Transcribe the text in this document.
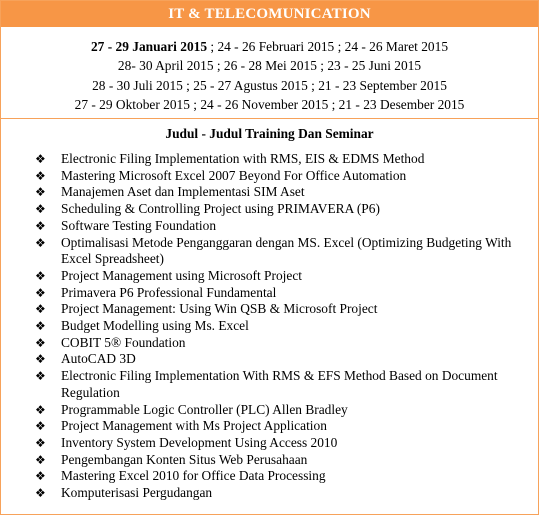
IT & TELECOMUNICATION
27 - 29 Januari 2015 ; 24 - 26 Februari 2015 ; 24 - 26 Maret 2015
28- 30 April 2015 ; 26 - 28 Mei 2015 ; 23 - 25 Juni 2015
28 - 30 Juli 2015 ; 25 - 27 Agustus 2015 ; 21 - 23 September 2015
27 - 29 Oktober 2015 ; 24 - 26 November 2015 ; 21 - 23 Desember 2015
Judul - Judul Training Dan Seminar
❖ Electronic Filing Implementation with RMS, EIS & EDMS Method
❖ Mastering Microsoft Excel 2007 Beyond For Office Automation
❖ Manajemen Aset dan Implementasi SIM Aset
❖ Scheduling & Controlling Project using PRIMAVERA (P6)
❖ Software Testing Foundation
❖ Optimalisasi Metode Penganggaran dengan MS. Excel (Optimizing Budgeting With Excel Spreadsheet)
❖ Project Management using Microsoft Project
❖ Primavera P6 Professional Fundamental
❖ Project Management: Using Win QSB & Microsoft Project
❖ Budget Modelling using Ms. Excel
❖ COBIT 5® Foundation
❖ AutoCAD 3D
❖ Electronic Filing Implementation With RMS & EFS Method Based on Document Regulation
❖ Programmable Logic Controller (PLC) Allen Bradley
❖ Project Management with Ms Project Application
❖ Inventory System Development Using Access 2010
❖ Pengembangan Konten Situs Web Perusahaan
❖ Mastering Excel 2010 for Office Data Processing
❖ Komputerisasi Pergudangan
